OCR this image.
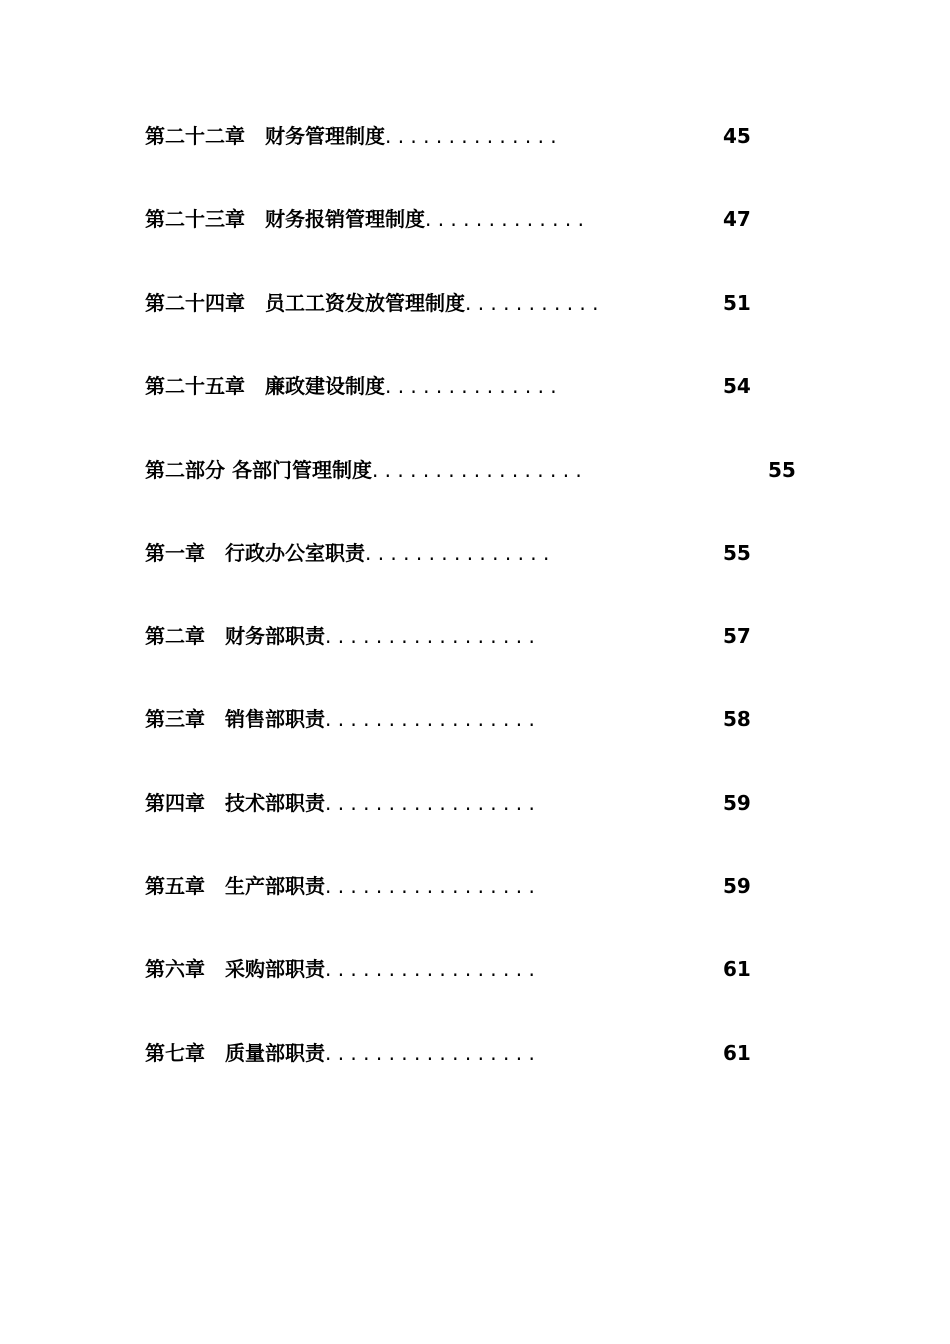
第二十二章　财务管理制度. . . . . . . . . . . . . .	45
第二十三章　财务报销管理制度. . . . . . . . . . . . .	47
第二十四章　员工工资发放管理制度. . . . . . . . . . .	51
第二十五章　廉政建设制度. . . . . . . . . . . . . .	54
第二部分 各部门管理制度. . . . . . . . . . . . . . . . .	55
第一章　行政办公室职责. . . . . . . . . . . . . . .	55
第二章　财务部职责. . . . . . . . . . . . . . . . .	57
第三章　销售部职责. . . . . . . . . . . . . . . . .	58
第四章　技术部职责. . . . . . . . . . . . . . . . .	59
第五章　生产部职责. . . . . . . . . . . . . . . . .	59
第六章　采购部职责. . . . . . . . . . . . . . . . .	61
第七章　质量部职责. . . . . . . . . . . . . . . . .	61
